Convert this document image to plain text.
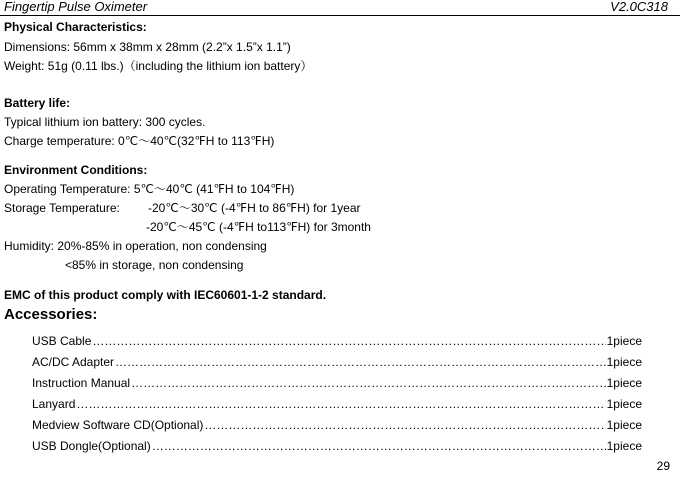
Fingertip Pulse Oximeter	V2.0C318
Physical Characteristics:
Dimensions: 56mm x 38mm x 28mm (2.2”x 1.5”x 1.1”)
Weight: 51g (0.11 lbs.)（including the lithium ion battery）
Battery life:
Typical lithium ion battery: 300 cycles.
Charge temperature: 0℃～40℃(32℉H to 113℉H)
Environment Conditions:
Operating Temperature: 5℃～40℃ (41℉H to 104℉H)
Storage Temperature: -20℃～30℃ (-4℉H to 86℉H) for 1year
-20℃～45℃ (-4℉H to113℉H) for 3month
Humidity: 20%-85% in operation, non condensing
<85% in storage, non condensing
EMC of this product comply with IEC60601-1-2 standard.
Accessories:
USB Cable ……………………………………………………………………………………………………………………………………………………………………………………	1piece
AC/DC Adapter ……………………………………………………………………………………………………………………………………………………………………………………	1piece
Instruction Manual ……………………………………………………………………………………………………………………………………………………………………………………	1piece
Lanyard ……………………………………………………………………………………………………………………………………………………………………………………	1piece
Medview Software CD(Optional) ……………………………………………………………………………………………………………………………………………………………………………………	1piece
USB Dongle(Optional) ……………………………………………………………………………………………………………………………………………………………………………………	1piece
29
